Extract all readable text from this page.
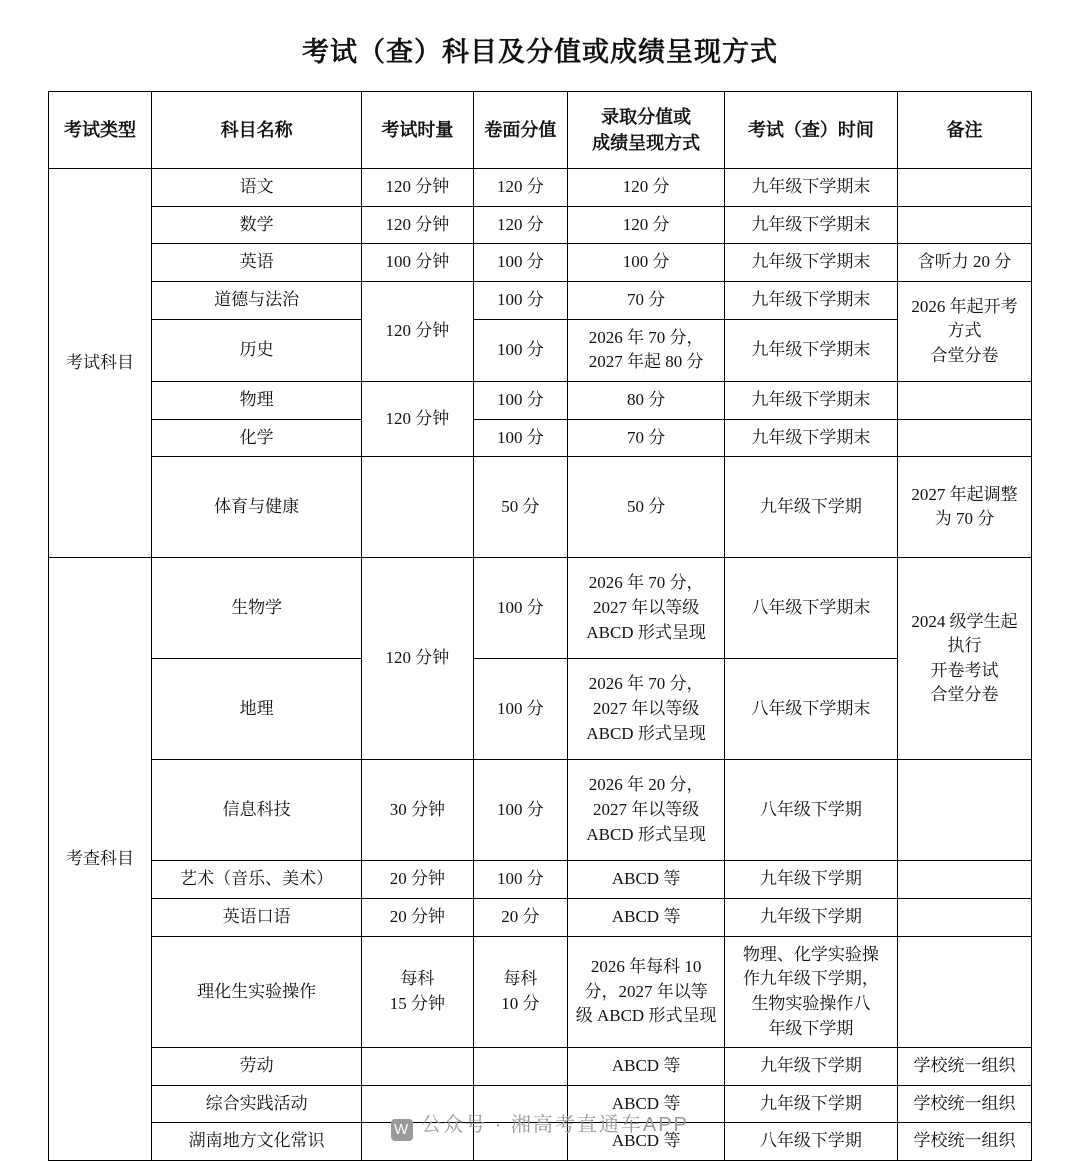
考试（查）科目及分值或成绩呈现方式
考试类型	科目名称	考试时量	卷面分值	录取分值或
成绩呈现方式	考试（查）时间	备注
考试科目	语文	120 分钟	120 分	120 分	九年级下学期末	

	数学	120 分钟	120 分	120 分	九年级下学期末	

	英语	100 分钟	100 分	100 分	九年级下学期末	含听力 20 分

	道德与法治	120 分钟	100 分	70 分	九年级下学期末	2026 年起开考
方式
合堂分卷

	历史		100 分	2026 年 70 分，
2027 年起 80 分	九年级下学期末	

	物理	120 分钟	100 分	80 分	九年级下学期末	

	化学		100 分	70 分	九年级下学期末	

	体育与健康		50 分	50 分	九年级下学期	2027 年起调整
为 70 分

考查科目	生物学	120 分钟	100 分	2026 年 70 分，
2027 年以等级
ABCD 形式呈现	八年级下学期末	2024 级学生起
执行
开卷考试
合堂分卷

	地理		100 分	2026 年 70 分，
2027 年以等级
ABCD 形式呈现	八年级下学期末	

	信息科技	30 分钟	100 分	2026 年 20 分，
2027 年以等级
ABCD 形式呈现	八年级下学期	

	艺术（音乐、美术）	20 分钟	100 分	ABCD 等	九年级下学期	

	英语口语	20 分钟	20 分	ABCD 等	九年级下学期	

	理化生实验操作	每科
15 分钟	每科
10 分	2026 年每科 10
分，2027 年以等
级 ABCD 形式呈现	物理、化学实验操
作九年级下学期，
生物实验操作八
年级下学期	

	劳动			ABCD 等	九年级下学期	学校统一组织

	综合实践活动			ABCD 等	九年级下学期	学校统一组织

	湖南地方文化常识			ABCD 等	八年级下学期	学校统一组织
W 公众号 · 湘高考直通车APP
